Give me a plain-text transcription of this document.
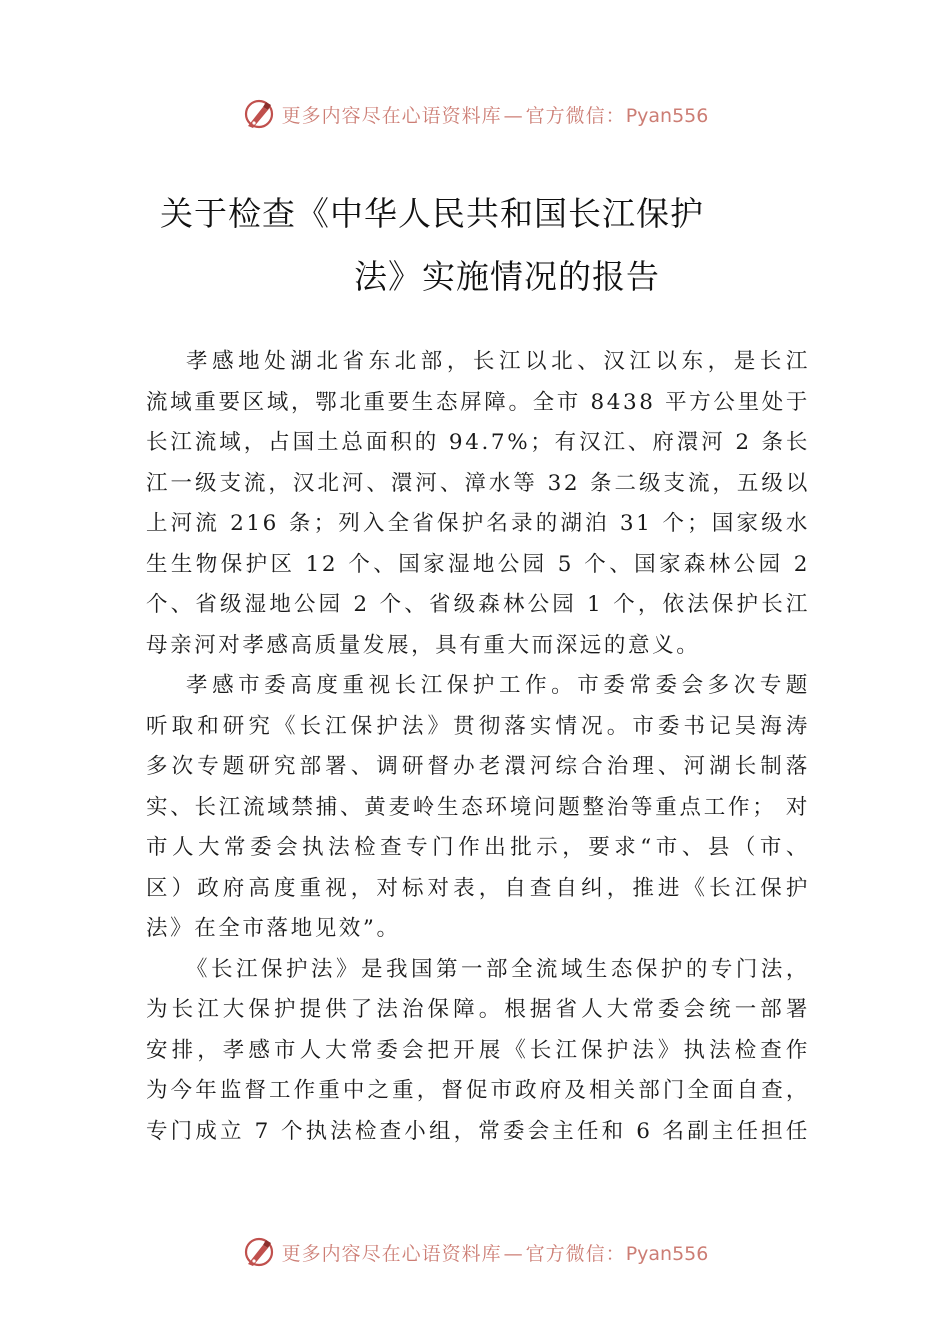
更多内容尽在心语资料库 — 官方微信：Pyan556
关于检查《中华人民共和国长江保护
法》实施情况的报告
孝感地处湖北省东北部，长江以北、汉江以东，是长江
流域重要区域，鄂北重要生态屏障。全市 8438 平方公里处于
长江流域，占国土总面积的 94.7%；有汉江、府澴河 2 条长
江一级支流，汉北河、澴河、漳水等 32 条二级支流，五级以
上河流 216 条；列入全省保护名录的湖泊 31 个；国家级水
生生物保护区 12 个、国家湿地公园 5 个、国家森林公园 2
个、省级湿地公园 2 个、省级森林公园 1 个，依法保护长江
母亲河对孝感高质量发展，具有重大而深远的意义。
孝感市委高度重视长江保护工作。市委常委会多次专题
听取和研究《长江保护法》贯彻落实情况。市委书记吴海涛
多次专题研究部署、调研督办老澴河综合治理、河湖长制落
实、长江流域禁捕、黄麦岭生态环境问题整治等重点工作； 对
市人大常委会执法检查专门作出批示，要求“市、县（市、
区）政府高度重视，对标对表，自查自纠，推进《长江保护
法》在全市落地见效”。
《长江保护法》是我国第一部全流域生态保护的专门法，
为长江大保护提供了法治保障。根据省人大常委会统一部署
安排，孝感市人大常委会把开展《长江保护法》执法检查作
为今年监督工作重中之重，督促市政府及相关部门全面自查，
专门成立 7 个执法检查小组，常委会主任和 6 名副主任担任
更多内容尽在心语资料库 — 官方微信：Pyan556
